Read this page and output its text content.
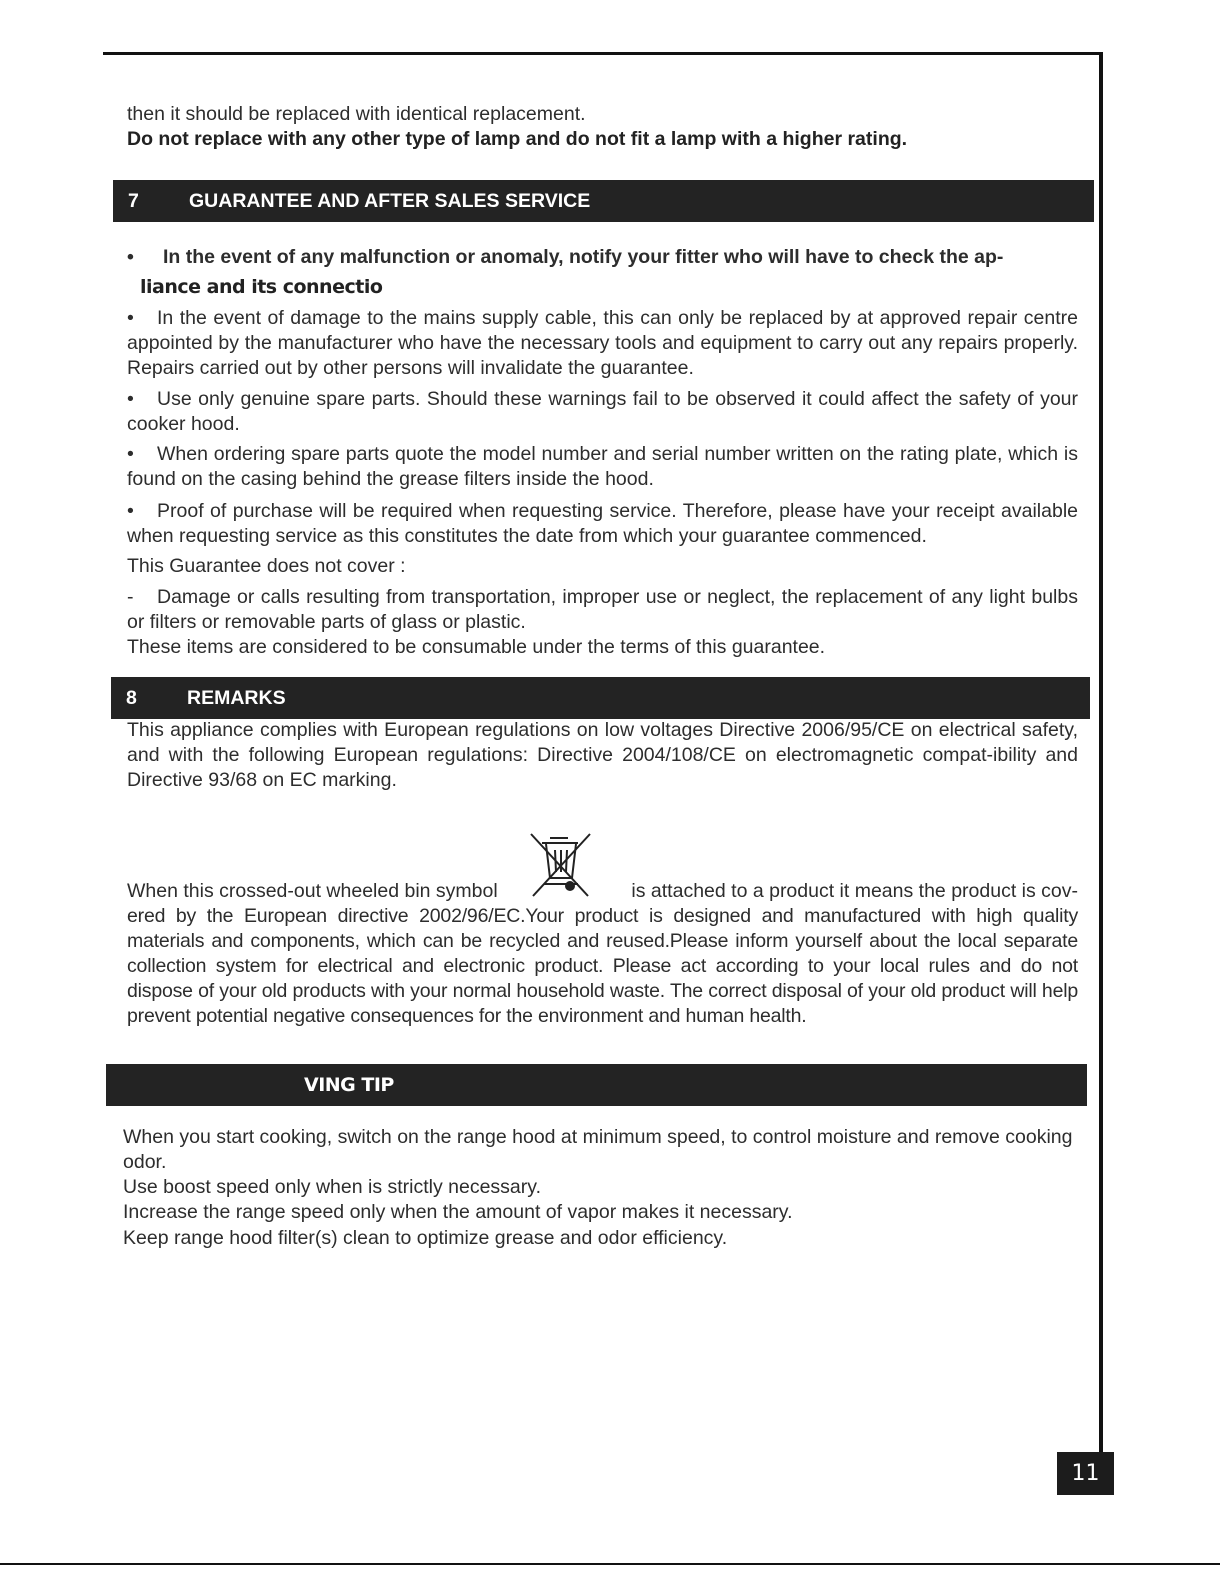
then it should be replaced with identical replacement.
Do not replace with any other type of lamp and do not fit a lamp with a higher rating.
7	GUARANTEE AND AFTER SALES SERVICE
• In the event of any malfunction or anomaly, notify your fitter who will have to check the ap-
liance and its connectio
• In the event of damage to the mains supply cable, this can only be replaced by at approved repair centre appointed by the manufacturer who have the necessary tools and equipment to carry out any repairs properly. Repairs carried out by other persons will invalidate the guarantee.
• Use only genuine spare parts. Should these warnings fail to be observed it could affect the safety of your cooker hood.
• When ordering spare parts quote the model number and serial number written on the rating plate, which is found on the casing behind the grease filters inside the hood.
• Proof of purchase will be required when requesting service. Therefore, please have your receipt available when requesting service as this constitutes the date from which your guarantee commenced.
This Guarantee does not cover :
- Damage or calls resulting from transportation, improper use or neglect, the replacement of any light bulbs or filters or removable parts of glass or plastic.
These items are considered to be consumable under the terms of this guarantee.
8	REMARKS
This appliance complies with European regulations on low voltages Directive 2006/95/CE on electrical safety, and with the following European regulations: Directive 2004/108/CE on electromagnetic compat-ibility and Directive 93/68 on EC marking.
When this crossed-out wheeled bin symbol	is attached to a product it means the product is cov-
ered by the European directive 2002/96/EC.Your product is designed and manufactured with high quality materials and components, which can be recycled and reused.Please inform yourself about the local separate collection system for electrical and electronic product. Please act according to your local rules and do not dispose of your old products with your normal household waste. The correct disposal of your old product will help prevent potential negative consequences for the environment and human health.
VING TIP
When you start cooking, switch on the range hood at minimum speed, to control moisture and remove cooking odor.
Use boost speed only when is strictly necessary.
Increase the range speed only when the amount of vapor makes it necessary.
Keep range hood filter(s) clean to optimize grease and odor efficiency.
11
